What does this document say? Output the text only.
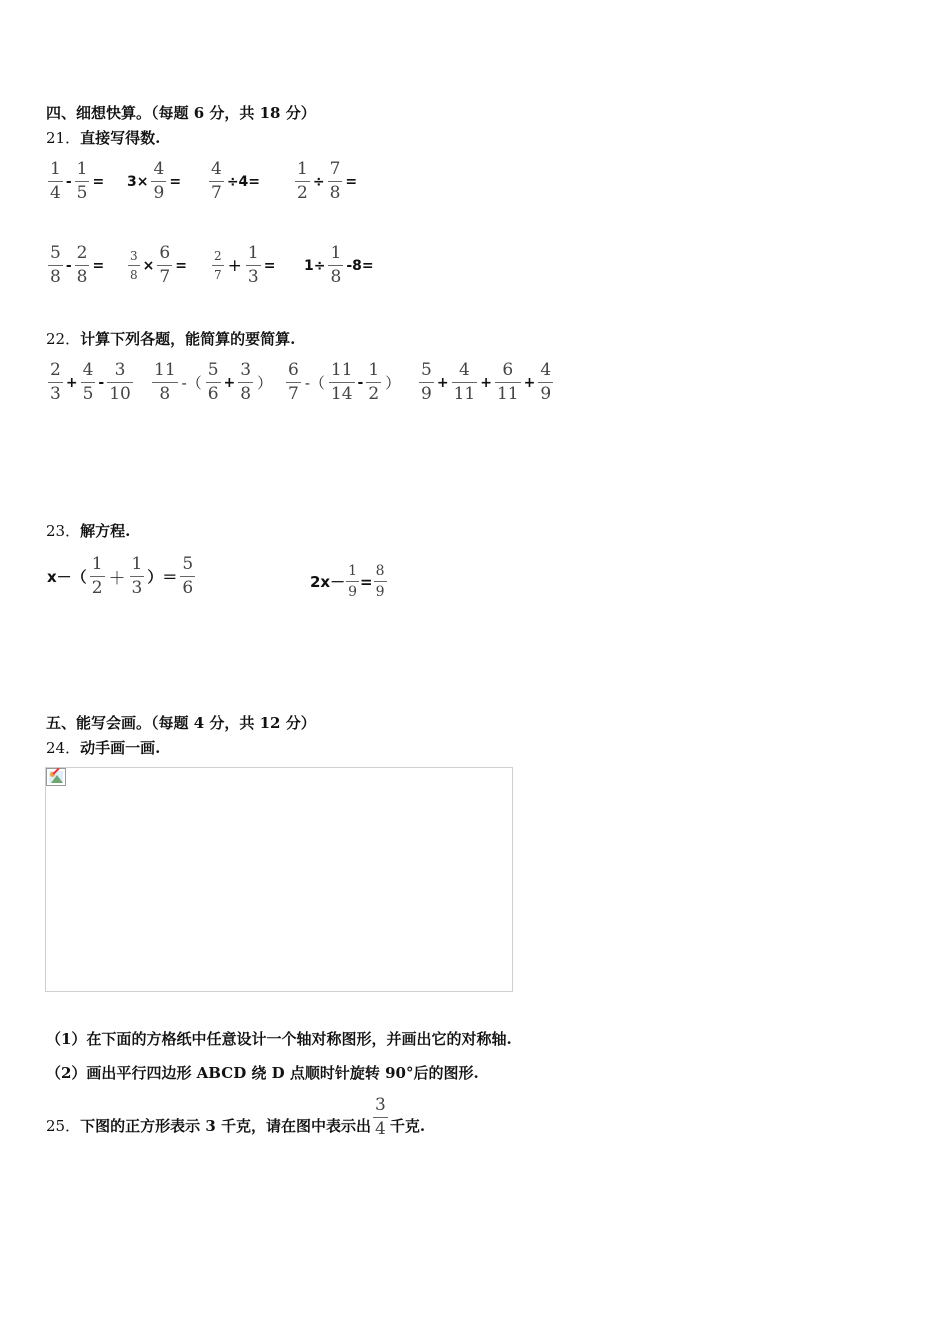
四、细想快算。（每题 6 分，共 18 分）
21．直接写得数.
$\frac{1}{4} - \frac{1}{5} = 3\times \frac{4}{9} = \frac{4}{7} \div 4= \frac{1}{2} \div \frac{7}{8}$ =
$\frac{5}{8} - \frac{2}{8} = \frac{3}{8} \times \frac{6}{7} = \frac{2}{7} + \frac{1}{3} = 1\div \frac{1}{8} -8=$
22．计算下列各题，能简算的要简算.
$\frac{2}{3} + \frac{4}{5} - \frac{3}{10} \frac{11}{8}$ -（ $\frac{5}{6} + \frac{3}{8}$ ） $\frac{6}{7}$ -（ $\frac{11}{14} - \frac{1}{2}$ ） $\frac{5}{9} + \frac{4}{11} + \frac{6}{11} + \frac{4}{9}$
23．解方程.
$x-( \frac{1}{2} + \frac{1}{3}$ ）＝ $\frac{5}{6}$	$2x- \frac{1}{9} = \frac{8}{9}$
五、能写会画。（每题 4 分，共 12 分）
24．动手画一画.
（1）在下面的方格纸中任意设计一个轴对称图形，并画出它的对称轴.
（2）画出平行四边形 ABCD 绕 D 点顺时针旋转 90°后的图形.
25． 下图的正方形表示 3 千克，请在图中表示出 $\frac{3}{4}$ 千克.
